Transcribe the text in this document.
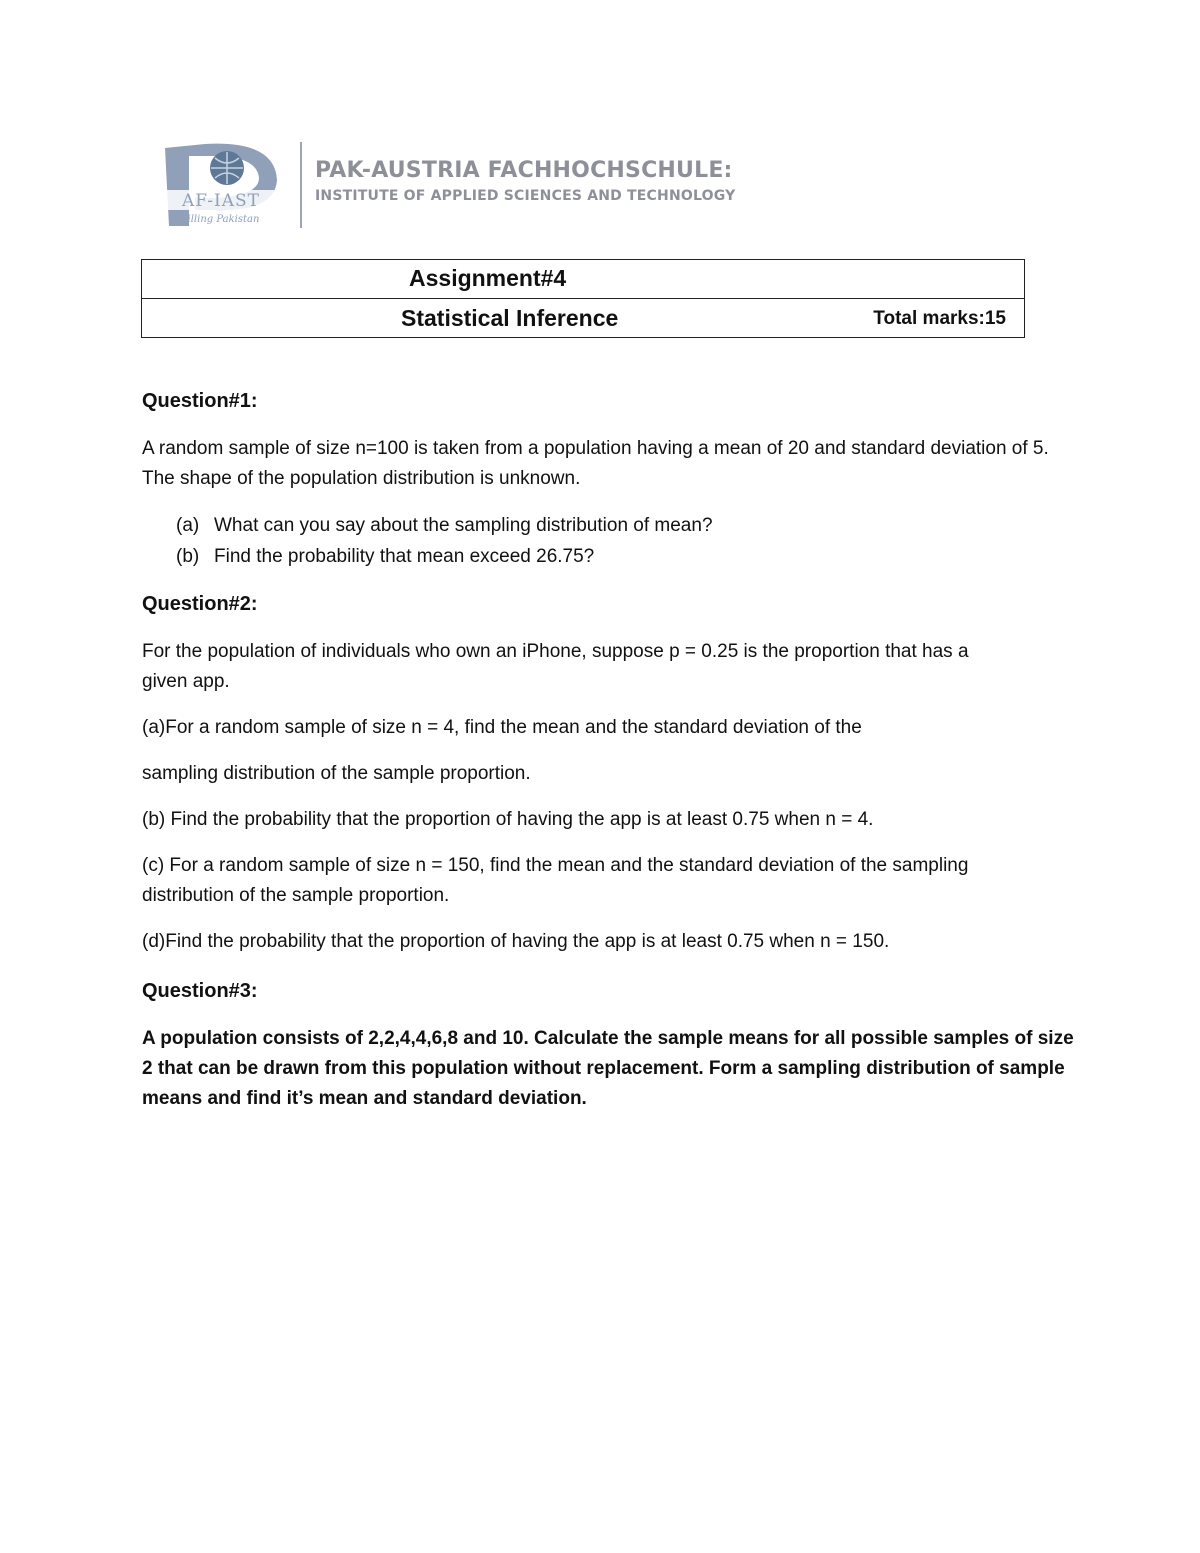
AF-IAST
Skilling Pakistan
PAK-AUSTRIA FACHHOCHSCHULE:
INSTITUTE OF APPLIED SCIENCES AND TECHNOLOGY
Assignment#4
Statistical Inference	Total marks:15

Question#1:

A random sample of size n=100 is taken from a population having a mean of 20 and standard deviation of 5. The shape of the population distribution is unknown.

(a) What can you say about the sampling distribution of mean?
(b) Find the probability that mean exceed 26.75?

Question#2:

For the population of individuals who own an iPhone, suppose p = 0.25 is the proportion that has a given app.

(a)For a random sample of size n = 4, find the mean and the standard deviation of the

sampling distribution of the sample proportion.

(b) Find the probability that the proportion of having the app is at least 0.75 when n = 4.

(c) For a random sample of size n = 150, find the mean and the standard deviation of the sampling distribution of the sample proportion.

(d)Find the probability that the proportion of having the app is at least 0.75 when n = 150.

Question#3:

A population consists of 2,2,4,4,6,8 and 10. Calculate the sample means for all possible samples of size 2 that can be drawn from this population without replacement. Form a sampling distribution of sample means and find it’s mean and standard deviation.
